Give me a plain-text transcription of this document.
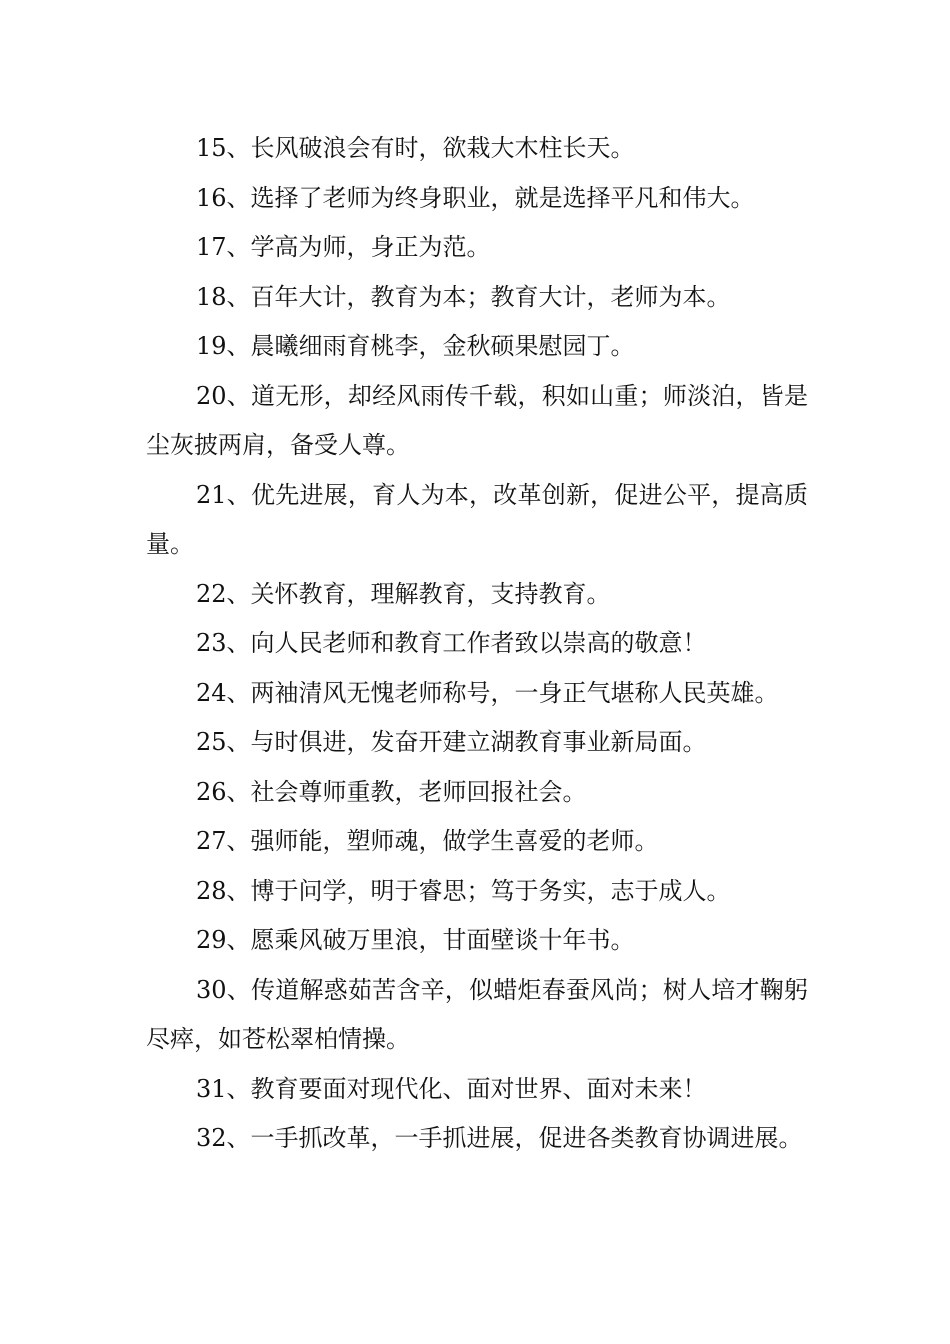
15、长风破浪会有时，欲栽大木柱长天。

16、选择了老师为终身职业，就是选择平凡和伟大。

17、学高为师，身正为范。

18、百年大计，教育为本；教育大计，老师为本。

19、晨曦细雨育桃李，金秋硕果慰园丁。

20、道无形，却经风雨传千载，积如山重；师淡泊，皆是尘灰披两肩，备受人尊。

21、优先进展，育人为本，改革创新，促进公平，提高质量。

22、关怀教育，理解教育，支持教育。

23、向人民老师和教育工作者致以崇高的敬意！

24、两袖清风无愧老师称号，一身正气堪称人民英雄。

25、与时俱进，发奋开建立湖教育事业新局面。

26、社会尊师重教，老师回报社会。

27、强师能，塑师魂，做学生喜爱的老师。

28、博于问学，明于睿思；笃于务实，志于成人。

29、愿乘风破万里浪，甘面壁谈十年书。

30、传道解惑茹苦含辛，似蜡炬春蚕风尚；树人培才鞠躬尽瘁，如苍松翠柏情操。

31、教育要面对现代化、面对世界、面对未来！

32、一手抓改革，一手抓进展，促进各类教育协调进展。
